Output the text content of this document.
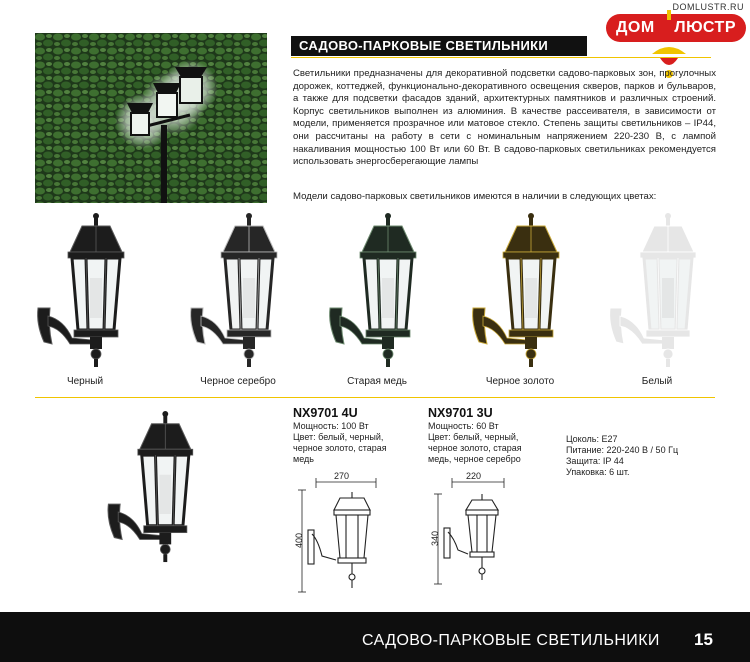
DOMLUSTR.RU
ДОМ ЛЮСТР
САДОВО-ПАРКОВЫЕ СВЕТИЛЬНИКИ

Светильники предназначены для декоративной подсветки садово-парковых зон, прогулочных дорожек, коттеджей, функционально-декоративного освещения скверов, парков и бульваров, а также для подсветки фасадов зданий, архитектурных памятников и различных строений. Корпус светильников выполнен из алюминия. В качестве рассеивателя, в зависимости от модели, применяется прозрачное или матовое стекло. Степень защиты светильников – IP44, они рассчитаны на работу в сети с номинальным напряжением 220-230 В, с лампой накаливания мощностью 100 Вт или 60 Вт. В садово-парковых светильниках рекомендуется использовать энергосберегающие лампы

Модели садово-парковых светильников имеются в наличии в следующих цветах:

Черный	Черное серебро	Старая медь	Черное золото	Белый
NX9701 4U
Мощность: 100 Вт
Цвет: белый, черный,
черное золото, старая
медь
NX9701 3U
Мощность: 60 Вт
Цвет: белый, черный,
черное золото, старая
медь, черное серебро
Цоколь: E27
Питание: 220-240 В / 50 Гц
Защита: IP 44
Упаковка: 6 шт.
270
400
220
340
САДОВО-ПАРКОВЫЕ СВЕТИЛЬНИКИ 15
